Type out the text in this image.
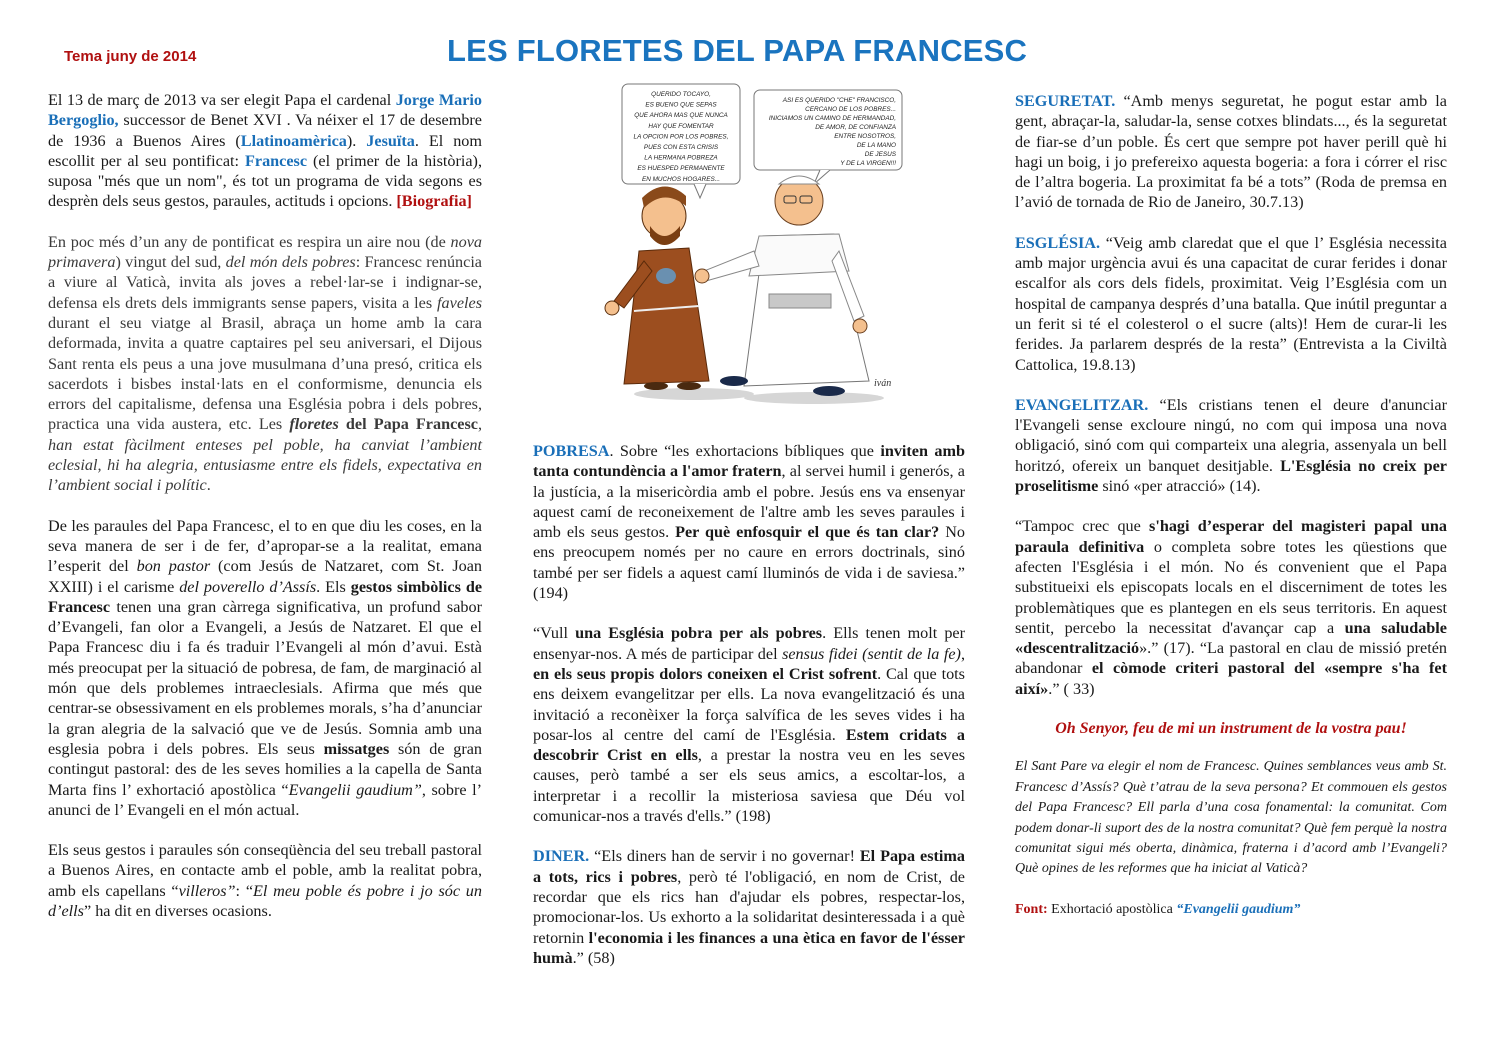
Tema juny de 2014	LES FLORETES DEL PAPA FRANCESC

El 13 de març de 2013 va ser elegit Papa el cardenal Jorge Mario Bergoglio, successor de Benet XVI . Va néixer el 17 de desembre de 1936 a Buenos Aires (Llatinoamèrica). Jesuïta. El nom escollit per al seu pontificat: Francesc (el primer de la història), suposa "més que un nom", és tot un programa de vida segons es desprèn dels seus gestos, paraules, actituds i opcions. [Biografia]

En poc més d’un any de pontificat es respira un aire nou (de nova primavera) vingut del sud, del món dels pobres: Francesc renúncia a viure al Vaticà, invita als joves a rebel·lar-se i indignar-se, defensa els drets dels immigrants sense papers, visita a les faveles durant el seu viatge al Brasil, abraça un home amb la cara deformada, invita a quatre captaires pel seu aniversari, el Dijous Sant renta els peus a una jove musulmana d’una presó, critica els sacerdots i bisbes instal·lats en el conformisme, denuncia els errors del capitalisme, defensa una Església pobra i dels pobres, practica una vida austera, etc. Les floretes del Papa Francesc, han estat fàcilment enteses pel poble, ha canviat l’ambient eclesial, hi ha alegria, entusiasme entre els fidels, expectativa en l’ambient social i polític.

De les paraules del Papa Francesc, el to en que diu les coses, en la seva manera de ser i de fer, d’apropar-se a la realitat, emana l’esperit del bon pastor (com Jesús de Natzaret, com St. Joan XXIII) i el carisme del poverello d’Assís. Els gestos simbòlics de Francesc tenen una gran càrrega significativa, un profund sabor d’Evangeli, fan olor a Evangeli, a Jesús de Natzaret. El que el Papa Francesc diu i fa és traduir l’Evangeli al món d’avui. Està més preocupat per la situació de pobresa, de fam, de marginació al món que dels problemes intraeclesials. Afirma que més que centrar-se obsessivament en els problemes morals, s’ha d’anunciar la gran alegria de la salvació que ve de Jesús. Somnia amb una esglesia pobra i dels pobres. Els seus missatges són de gran contingut pastoral: des de les seves homilies a la capella de Santa Marta fins l’ exhortació apostòlica “Evangelii gaudium”, sobre l’ anunci de l’ Evangeli en el món actual.

Els seus gestos i paraules són conseqüència del seu treball pastoral a Buenos Aires, en contacte amb el poble, amb la realitat pobra, amb els capellans “villeros”: “El meu poble és pobre i jo sóc un d’ells” ha dit en diverses ocasions.

QUERIDO TOCAYO, ES BUENO QUE SEPAS QUE AHORA MAS QUE NUNCA HAY QUE FOMENTAR LA OPCION POR LOS POBRES, PUES CON ESTA CRISIS LA HERMANA POBREZA ES HUESPED PERMANENTE EN MUCHOS HOGARES...
ASI ES QUERIDO "CHE" FRANCISCO, CERCANO DE LOS POBRES... INICIAMOS UN CAMINO DE HERMANDAD, DE AMOR, DE CONFIANZA ENTRE NOSOTROS, DE LA MANO DE JESUS Y DE LA VIRGEN!!!
iván

POBRESA. Sobre “les exhortacions bíbliques que inviten amb tanta contundència a l'amor fratern, al servei humil i generós, a la justícia, a la misericòrdia amb el pobre. Jesús ens va ensenyar aquest camí de reconeixement de l'altre amb les seves paraules i amb els seus gestos. Per què enfosquir el que és tan clar? No ens preocupem només per no caure en errors doctrinals, sinó també per ser fidels a aquest camí lluminós de vida i de saviesa.” (194)

“Vull una Església pobra per als pobres. Ells tenen molt per ensenyar-nos. A més de participar del sensus fidei (sentit de la fe), en els seus propis dolors coneixen el Crist sofrent. Cal que tots ens deixem evangelitzar per ells. La nova evangelització és una invitació a reconèixer la força salvífica de les seves vides i ha posar-los al centre del camí de l'Església. Estem cridats a descobrir Crist en ells, a prestar la nostra veu en les seves causes, però també a ser els seus amics, a escoltar-los, a interpretar i a recollir la misteriosa saviesa que Déu vol comunicar-nos a través d'ells.” (198)

DINER. “Els diners han de servir i no governar! El Papa estima a tots, rics i pobres, però té l'obligació, en nom de Crist, de recordar que els rics han d'ajudar els pobres, respectar-los, promocionar-los. Us exhorto a la solidaritat desinteressada i a què retornin l'economia i les finances a una ètica en favor de l'ésser humà.” (58)

SEGURETAT. “Amb menys seguretat, he pogut estar amb la gent, abraçar-la, saludar-la, sense cotxes blindats..., és la seguretat de fiar-se d’un poble. És cert que sempre pot haver perill què hi hagi un boig, i jo prefereixo aquesta bogeria: a fora i córrer el risc de l’altra bogeria. La proximitat fa bé a tots” (Roda de premsa en l’avió de tornada de Rio de Janeiro, 30.7.13)

ESGLÉSIA. “Veig amb claredat que el que l’ Església necessita amb major urgència avui és una capacitat de curar ferides i donar escalfor als cors dels fidels, proximitat. Veig l’Església com un hospital de campanya després d’una batalla. Que inútil preguntar a un ferit si té el colesterol o el sucre (alts)! Hem de curar-li les ferides. Ja parlarem després de la resta” (Entrevista a la Civiltà Cattolica, 19.8.13)

EVANGELITZAR. “Els cristians tenen el deure d'anunciar l'Evangeli sense excloure ningú, no com qui imposa una nova obligació, sinó com qui comparteix una alegria, assenyala un bell horitzó, ofereix un banquet desitjable. L'Església no creix per proselitisme sinó «per atracció» (14).

“Tampoc crec que s'hagi d’esperar del magisteri papal una paraula definitiva o completa sobre totes les qüestions que afecten l'Església i el món. No és convenient que el Papa substitueixi els episcopats locals en el discerniment de totes les problemàtiques que es plantegen en els seus territoris. En aquest sentit, percebo la necessitat d'avançar cap a una saludable «descentralització».” (17). “La pastoral en clau de missió pretén abandonar el còmode criteri pastoral del «sempre s'ha fet així».” ( 33)

Oh Senyor, feu de mi un instrument de la vostra pau!

El Sant Pare va elegir el nom de Francesc. Quines semblances veus amb St. Francesc d’Assís? Què t’atrau de la seva persona? Et commouen els gestos del Papa Francesc? Ell parla d’una cosa fonamental: la comunitat. Com podem donar-li suport des de la nostra comunitat? Què fem perquè la nostra comunitat sigui més oberta, dinàmica, fraterna i d’acord amb l’Evangeli? Què opines de les reformes que ha iniciat al Vaticà?

Font: Exhortació apostòlica “Evangelii gaudium”
